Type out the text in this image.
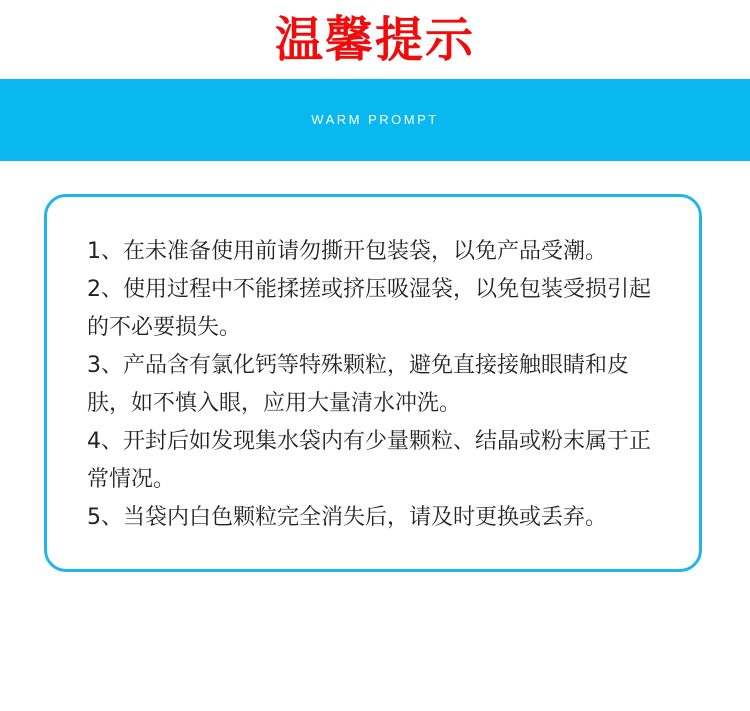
温馨提示
WARM PROMPT
1、在未准备使用前请勿撕开包装袋，以免产品受潮。
2、使用过程中不能揉搓或挤压吸湿袋，以免包装受损引起的不必要损失。
3、产品含有氯化钙等特殊颗粒，避免直接接触眼睛和皮肤，如不慎入眼，应用大量清水冲洗。
4、开封后如发现集水袋内有少量颗粒、结晶或粉末属于正常情况。
5、当袋内白色颗粒完全消失后，请及时更换或丢弃。
